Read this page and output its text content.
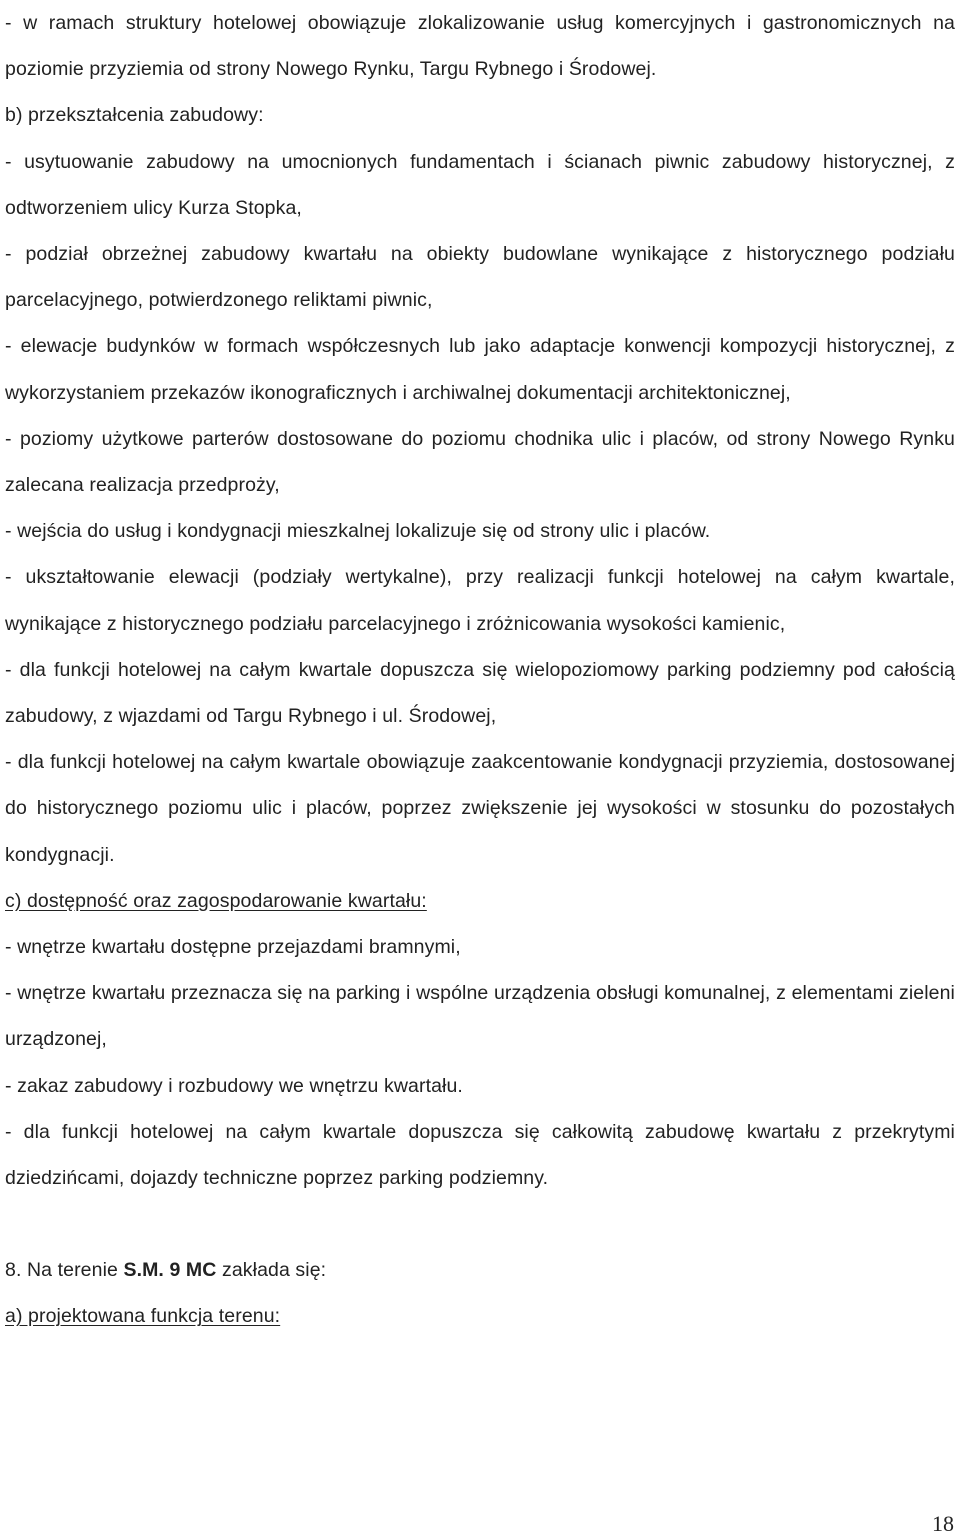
- w ramach struktury hotelowej obowiązuje zlokalizowanie usług komercyjnych i gastronomicznych na poziomie przyziemia od strony Nowego Rynku, Targu Rybnego i Środowej.

b) przekształcenia zabudowy:

- usytuowanie zabudowy na umocnionych fundamentach i ścianach piwnic zabudowy historycznej, z odtworzeniem ulicy Kurza Stopka,

- podział obrzeżnej zabudowy kwartału na obiekty budowlane wynikające z historycznego podziału parcelacyjnego, potwierdzonego reliktami piwnic,

- elewacje budynków w formach współczesnych lub jako adaptacje konwencji kompozycji historycznej, z wykorzystaniem przekazów ikonograficznych i archiwalnej dokumentacji architektonicznej,

- poziomy użytkowe parterów dostosowane do poziomu chodnika ulic i placów, od strony Nowego Rynku zalecana realizacja przedproży,

- wejścia do usług i kondygnacji mieszkalnej lokalizuje się od strony ulic i placów.

- ukształtowanie elewacji (podziały wertykalne), przy realizacji funkcji hotelowej na całym kwartale, wynikające z historycznego podziału parcelacyjnego i zróżnicowania wysokości kamienic,

- dla funkcji hotelowej na całym kwartale dopuszcza się wielopoziomowy parking podziemny pod całością zabudowy, z wjazdami od Targu Rybnego i ul. Środowej,

- dla funkcji hotelowej na całym kwartale obowiązuje zaakcentowanie kondygnacji przyziemia, dostosowanej do historycznego poziomu ulic i placów, poprzez zwiększenie jej wysokości w stosunku do pozostałych kondygnacji.

c) dostępność oraz zagospodarowanie kwartału:

- wnętrze kwartału dostępne przejazdami bramnymi,

- wnętrze kwartału przeznacza się na parking i wspólne urządzenia obsługi komunalnej, z elementami zieleni urządzonej,

- zakaz zabudowy i rozbudowy we wnętrzu kwartału.

- dla funkcji hotelowej na całym kwartale dopuszcza się całkowitą zabudowę kwartału z przekrytymi dziedzińcami, dojazdy techniczne poprzez parking podziemny.

8. Na terenie S.M. 9 MC zakłada się:

a) projektowana funkcja terenu:

18
